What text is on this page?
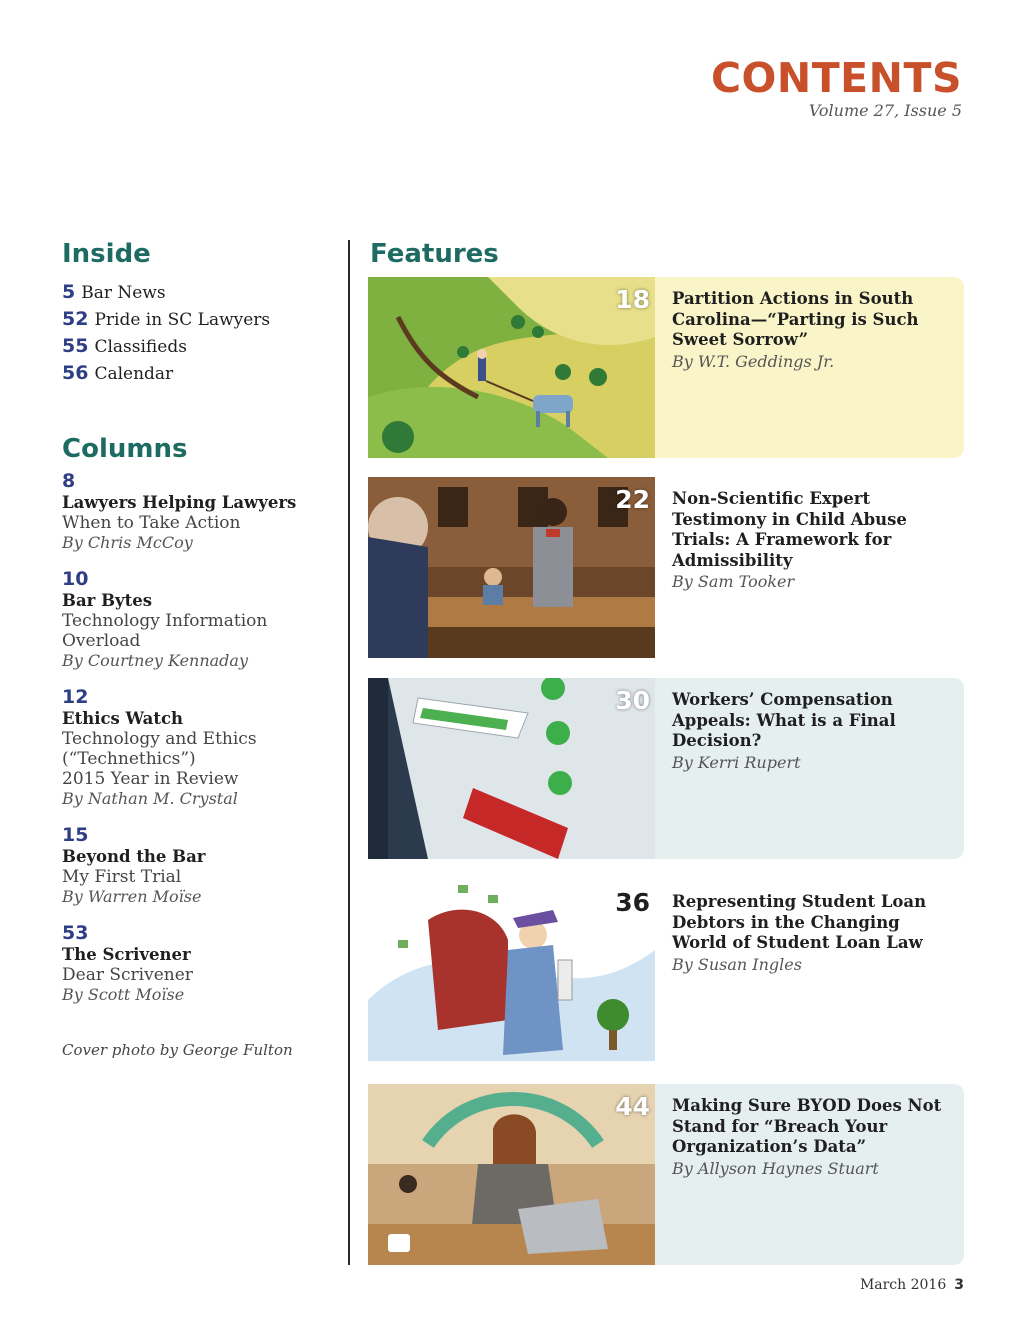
CONTENTS
Volume 27, Issue 5
Inside
5 Bar News
52 Pride in SC Lawyers
55 Classifieds
56 Calendar
Columns
8
Lawyers Helping Lawyers
When to Take Action
By Chris McCoy
10
Bar Bytes
Technology Information Overload
By Courtney Kennaday
12
Ethics Watch
Technology and Ethics
(“Technethics”)
2015 Year in Review
By Nathan M. Crystal
15
Beyond the Bar
My First Trial
By Warren Moïse
53
The Scrivener
Dear Scrivener
By Scott Moïse
Cover photo by George Fulton
Features
18 Partition Actions in South Carolina—“Parting is Such Sweet Sorrow”
By W.T. Geddings Jr.
22 Non-Scientific Expert Testimony in Child Abuse Trials: A Framework for Admissibility
By Sam Tooker
30 Workers’ Compensation Appeals: What is a Final Decision?
By Kerri Rupert
36 Representing Student Loan Debtors in the Changing World of Student Loan Law
By Susan Ingles
44 Making Sure BYOD Does Not Stand for “Breach Your Organization’s Data”
By Allyson Haynes Stuart
March 2016 3
